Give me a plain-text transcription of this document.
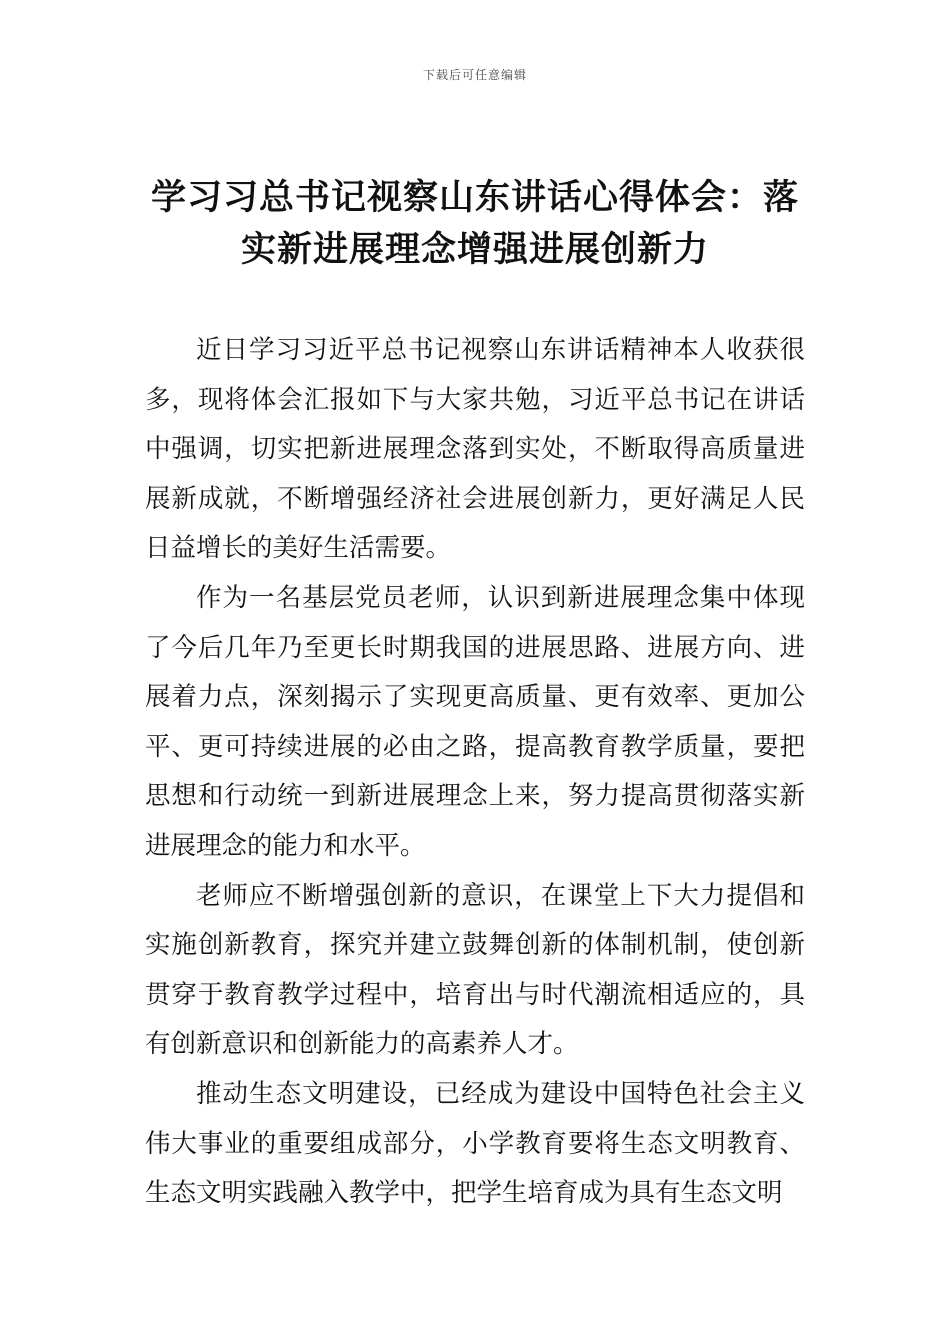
下载后可任意编辑
学习习总书记视察山东讲话心得体会：落实新进展理念增强进展创新力

近日学习习近平总书记视察山东讲话精神本人收获很多，现将体会汇报如下与大家共勉，习近平总书记在讲话中强调，切实把新进展理念落到实处，不断取得高质量进展新成就，不断增强经济社会进展创新力，更好满足人民日益增长的美好生活需要。

作为一名基层党员老师，认识到新进展理念集中体现了今后几年乃至更长时期我国的进展思路、进展方向、进展着力点，深刻揭示了实现更高质量、更有效率、更加公平、更可持续进展的必由之路，提高教育教学质量，要把思想和行动统一到新进展理念上来，努力提高贯彻落实新进展理念的能力和水平。

老师应不断增强创新的意识，在课堂上下大力提倡和实施创新教育，探究并建立鼓舞创新的体制机制，使创新贯穿于教育教学过程中，培育出与时代潮流相适应的，具有创新意识和创新能力的高素养人才。

推动生态文明建设，已经成为建设中国特色社会主义伟大事业的重要组成部分，小学教育要将生态文明教育、生态文明实践融入教学中，把学生培育成为具有生态文明
